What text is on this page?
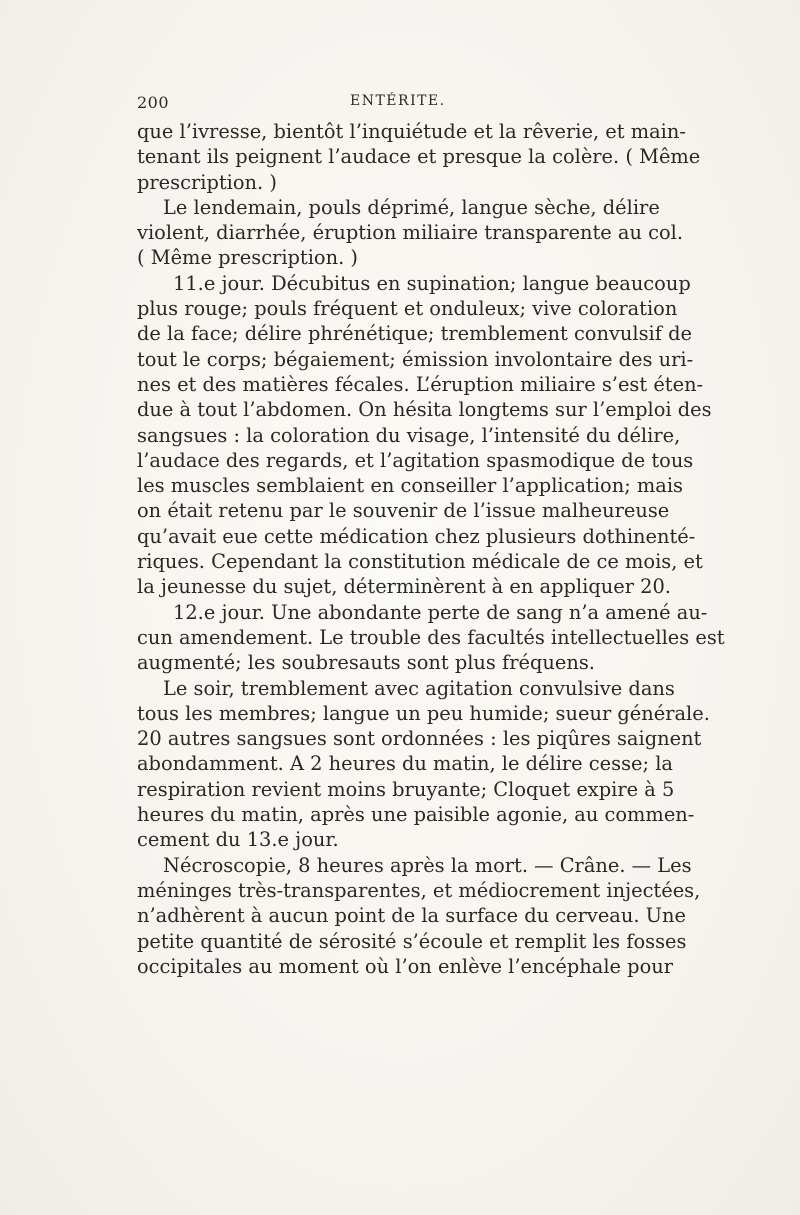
200	ENTÉRITE.
que l’ivresse, bientôt l’inquiétude et la rêverie, et main-
tenant ils peignent l’audace et presque la colère. ( Même
prescription. )
Le lendemain, pouls déprimé, langue sèche, délire
violent, diarrhée, éruption miliaire transparente au col.
( Même prescription. )
11.e jour. Décubitus en supination; langue beaucoup
plus rouge; pouls fréquent et onduleux; vive coloration
de la face; délire phrénétique; tremblement convulsif de
tout le corps; bégaiement; émission involontaire des uri-
nes et des matières fécales. L’éruption miliaire s’est éten-
due à tout l’abdomen. On hésita longtems sur l’emploi des
sangsues : la coloration du visage, l’intensité du délire,
l’audace des regards, et l’agitation spasmodique de tous
les muscles semblaient en conseiller l’application; mais
on était retenu par le souvenir de l’issue malheureuse
qu’avait eue cette médication chez plusieurs dothinenté-
riques. Cependant la constitution médicale de ce mois, et
la jeunesse du sujet, déterminèrent à en appliquer 20.
12.e jour. Une abondante perte de sang n’a amené au-
cun amendement. Le trouble des facultés intellectuelles est
augmenté; les soubresauts sont plus fréquens.
Le soir, tremblement avec agitation convulsive dans
tous les membres; langue un peu humide; sueur générale.
20 autres sangsues sont ordonnées : les piqûres saignent
abondamment. A 2 heures du matin, le délire cesse; la
respiration revient moins bruyante; Cloquet expire à 5
heures du matin, après une paisible agonie, au commen-
cement du 13.e jour.
Nécroscopie, 8 heures après la mort. — Crâne. — Les
méninges très-transparentes, et médiocrement injectées,
n’adhèrent à aucun point de la surface du cerveau. Une
petite quantité de sérosité s’écoule et remplit les fosses
occipitales au moment où l’on enlève l’encéphale pour
